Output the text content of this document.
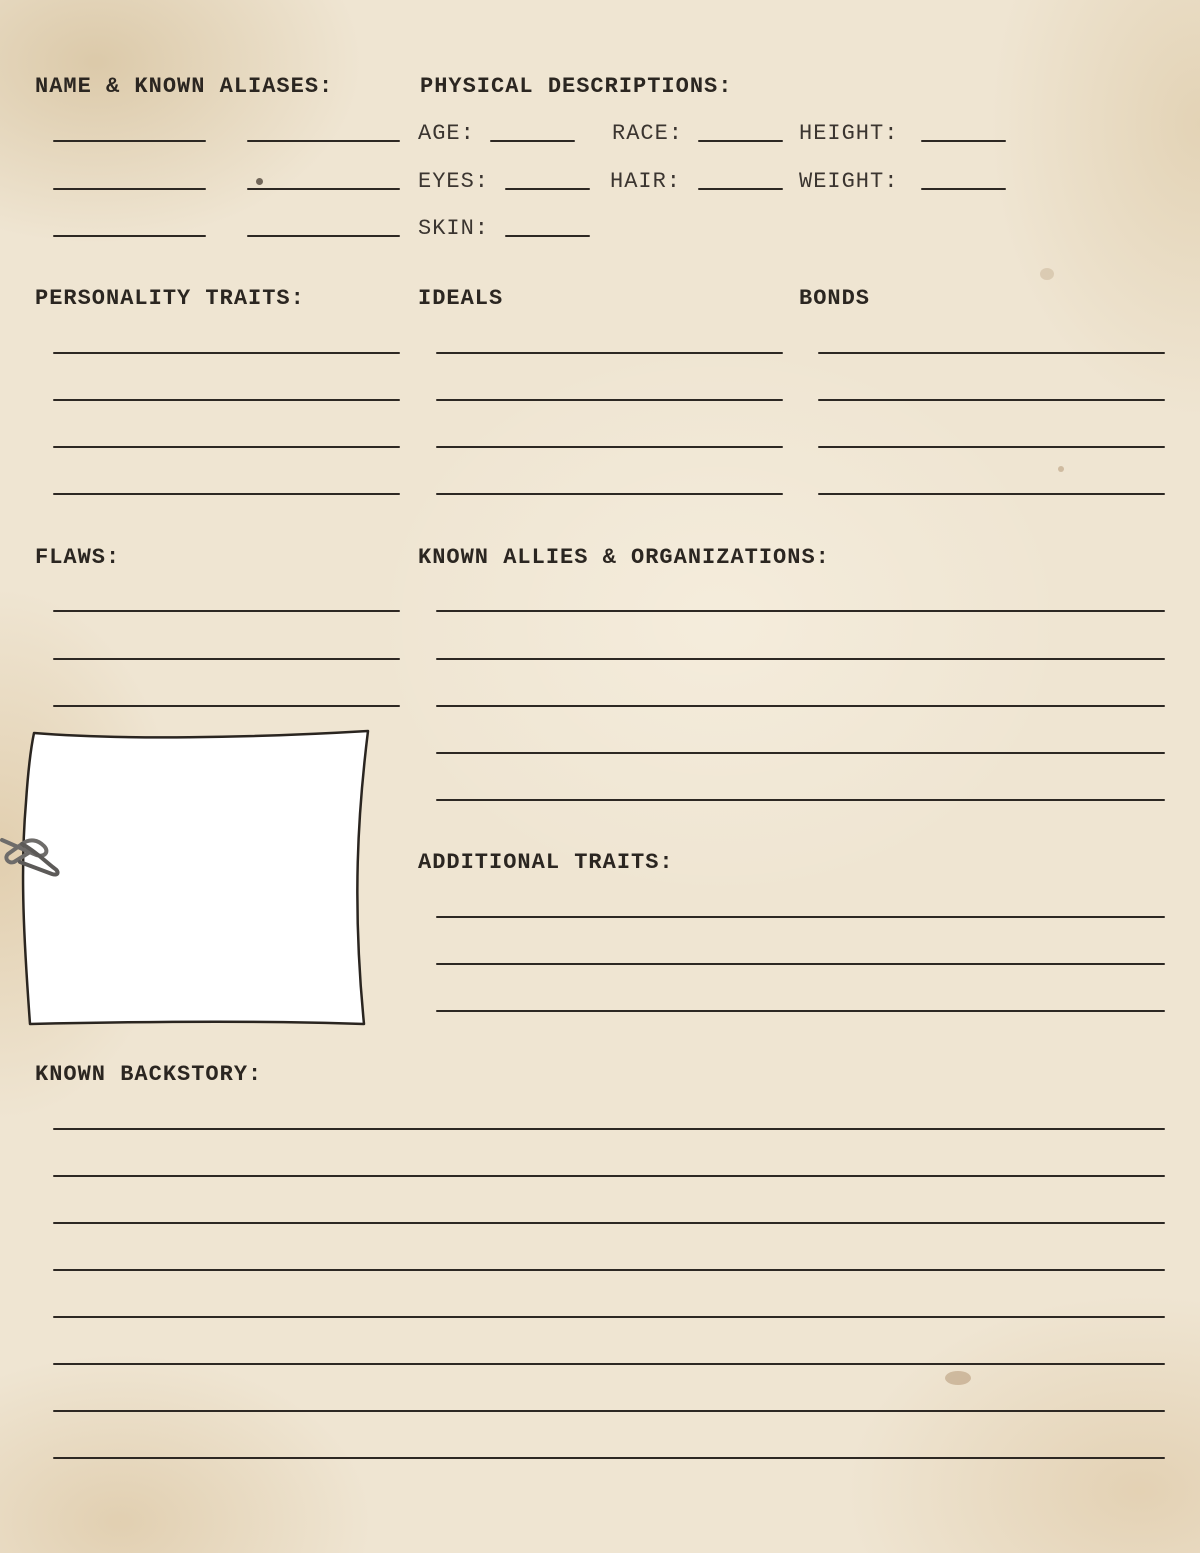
NAME & KNOWN ALIASES:	PHYSICAL DESCRIPTIONS:
AGE:	RACE:	HEIGHT:
EYES:	HAIR:	WEIGHT:
SKIN:
PERSONALITY TRAITS:	IDEALS	BONDS
FLAWS:	KNOWN ALLIES & ORGANIZATIONS:
ADDITIONAL TRAITS:
KNOWN BACKSTORY:
